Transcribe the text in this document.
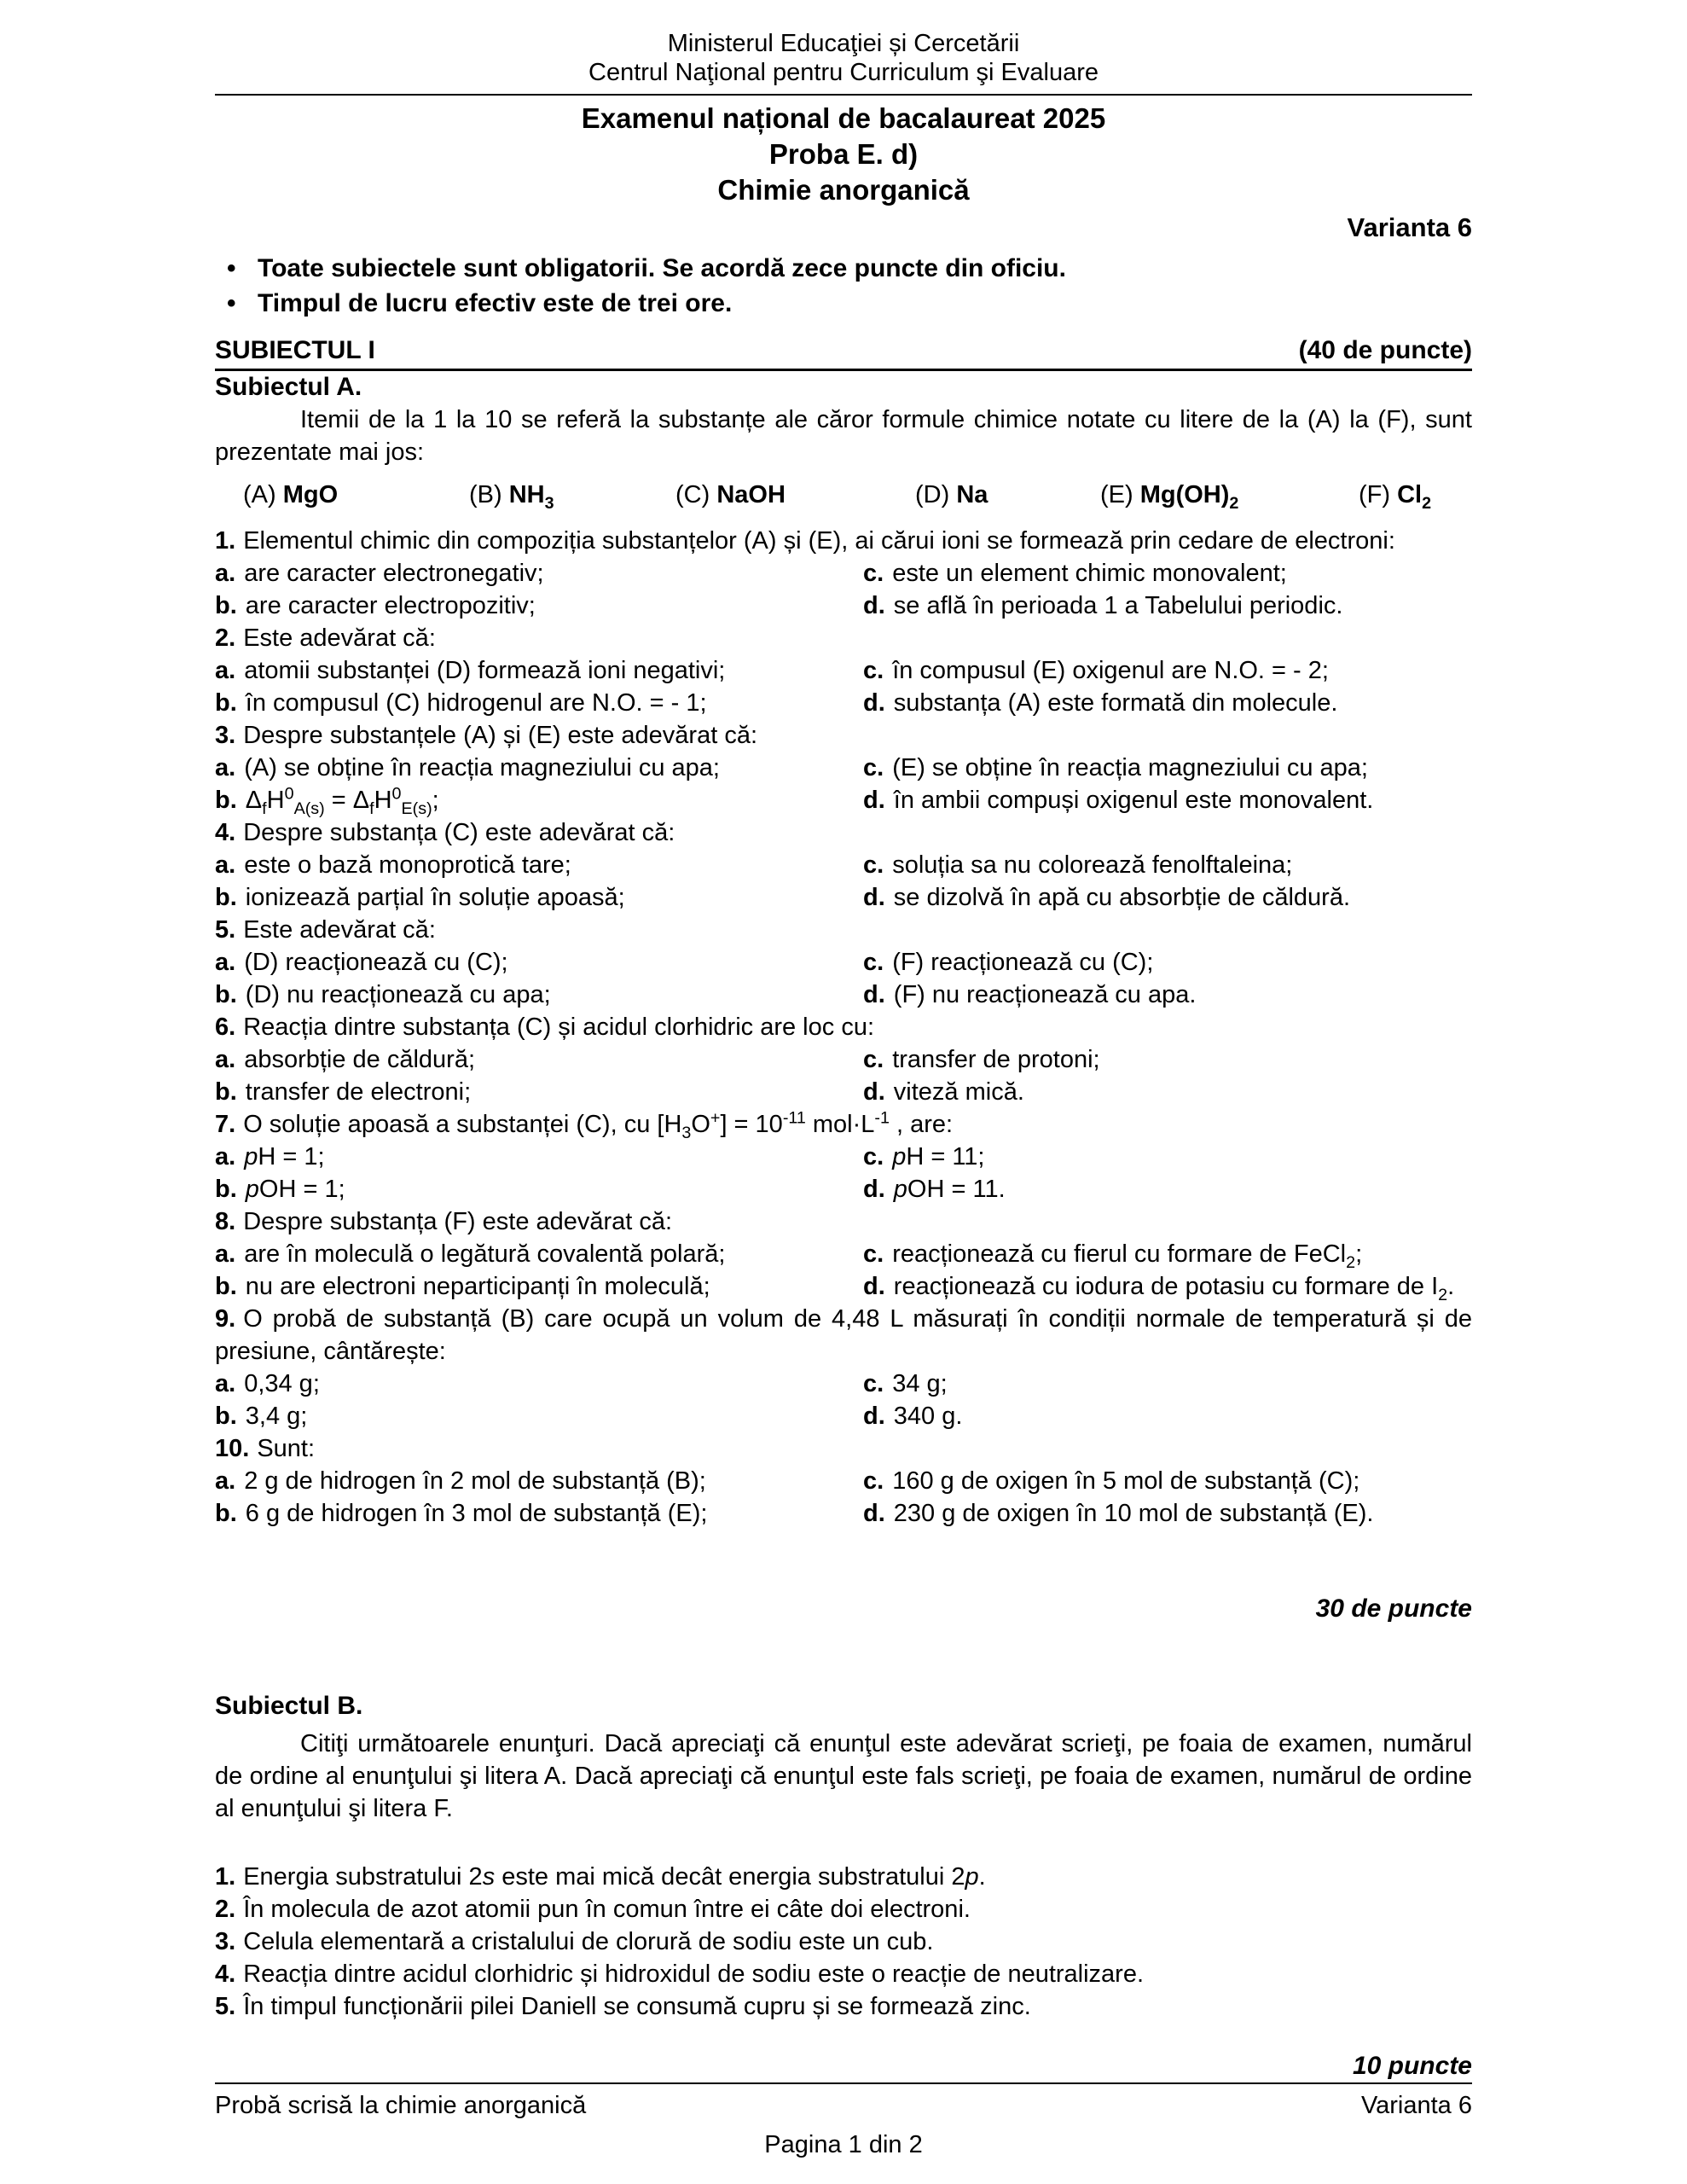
Ministerul Educaţiei și Cercetării
Centrul Naţional pentru Curriculum şi Evaluare
Examenul național de bacalaureat 2025
Proba E. d)
Chimie anorganică
Varianta 6
• Toate subiectele sunt obligatorii. Se acordă zece puncte din oficiu.
• Timpul de lucru efectiv este de trei ore.
SUBIECTUL I	(40 de puncte)
Subiectul A.

Itemii de la 1 la 10 se referă la substanțe ale căror formule chimice notate cu litere de la (A) la (F), sunt prezentate mai jos:

(A) MgO	(B) $NH_3$	(C) NaOH	(D) Na	(E) $Mg(OH)_2$	(F) $Cl_2$

1. Elementul chimic din compoziția substanțelor (A) și (E), ai cărui ioni se formează prin cedare de electroni:

a. are caracter electronegativ;	c. este un element chimic monovalent;

b. are caracter electropozitiv;	d. se află în perioada 1 a Tabelului periodic.

2. Este adevărat că:

a. atomii substanței (D) formează ioni negativi;	c. în compusul (E) oxigenul are N.O. = - 2;

b. în compusul (C) hidrogenul are N.O. = - 1;	d. substanța (A) este formată din molecule.

3. Despre substanțele (A) și (E) este adevărat că:

a. (A) se obține în reacția magneziului cu apa;	c. (E) se obține în reacția magneziului cu apa;

b. $\Delta_fH^0_{A(s)} = \Delta_fH^0_{E(s)}$;	d. în ambii compuși oxigenul este monovalent.

4. Despre substanța (C) este adevărat că:

a. este o bază monoprotică tare;	c. soluția sa nu colorează fenolftaleina;

b. ionizează parțial în soluție apoasă;	d. se dizolvă în apă cu absorbție de căldură.

5. Este adevărat că:

a. (D) reacționează cu (C);	c. (F) reacționează cu (C);

b. (D) nu reacționează cu apa;	d. (F) nu reacționează cu apa.

6. Reacția dintre substanța (C) și acidul clorhidric are loc cu:

a. absorbție de căldură;	c. transfer de protoni;

b. transfer de electroni;	d. viteză mică.

7. O soluție apoasă a substanței (C), cu $[H_3O^+] = 10^{-11}$ $mol\cdot L^{-1}$ , are:

a. pH = 1;	c. pH = 11;

b. pOH = 1;	d. pOH = 11.

8. Despre substanța (F) este adevărat că:

a. are în moleculă o legătură covalentă polară;	c. reacționează cu fierul cu formare de FeCl$_2$;

b. nu are electroni neparticipanți în moleculă;	d. reacționează cu iodura de potasiu cu formare de $I_2$.

9. O probă de substanță (B) care ocupă un volum de 4,48 L măsurați în condiții normale de temperatură și de presiune, cântărește:

a. 0,34 g;	c. 34 g;

b. 3,4 g;	d. 340 g.

10. Sunt:

a. 2 g de hidrogen în 2 mol de substanță (B);	c. 160 g de oxigen în 5 mol de substanță (C);

b. 6 g de hidrogen în 3 mol de substanță (E);	d. 230 g de oxigen în 10 mol de substanță (E).

30 de puncte
Subiectul B.

Citiţi următoarele enunţuri. Dacă apreciaţi că enunţul este adevărat scrieţi, pe foaia de examen, numărul de ordine al enunţului şi litera A. Dacă apreciaţi că enunţul este fals scrieţi, pe foaia de examen, numărul de ordine al enunţului şi litera F.

1. Energia substratului 2s este mai mică decât energia substratului 2p.

2. În molecula de azot atomii pun în comun între ei câte doi electroni.

3. Celula elementară a cristalului de clorură de sodiu este un cub.

4. Reacția dintre acidul clorhidric și hidroxidul de sodiu este o reacție de neutralizare.

5. În timpul funcționării pilei Daniell se consumă cupru și se formează zinc.

10 puncte
Probă scrisă la chimie anorganică	Varianta 6
Pagina 1 din 2
